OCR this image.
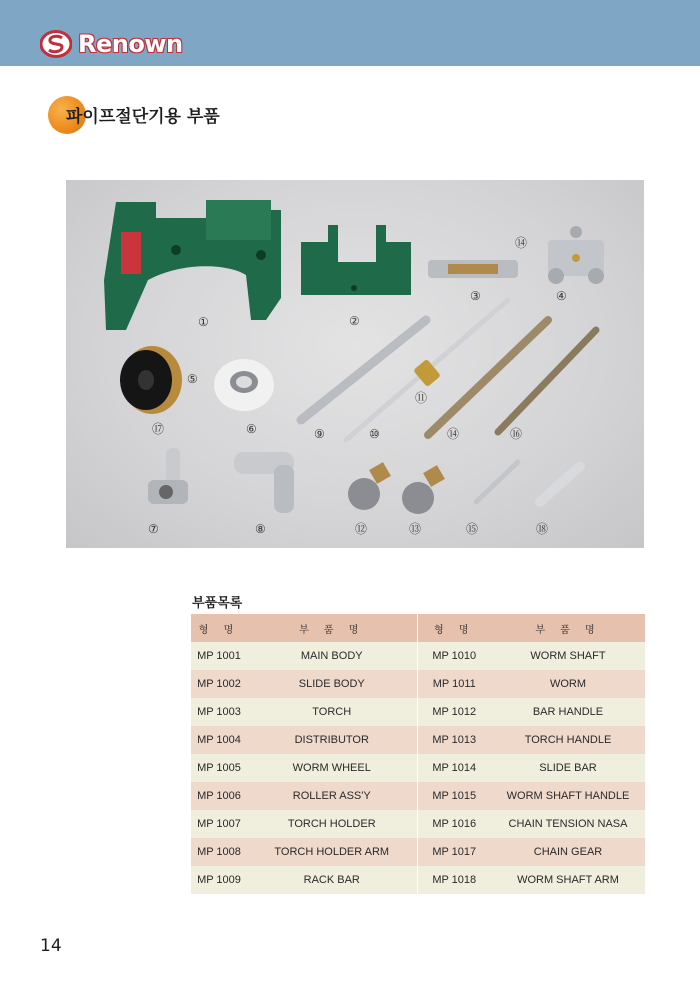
Renown
파이프절단기용 부품
①	②
③	④
⑤
⑥
⑦	⑧
⑨	⑩
⑪
⑫	⑬
⑭
⑮
⑯
⑰
⑱
⑭
부품목록
형 명	부 품 명	형 명	부 품 명
MP 1001	MAIN BODY	MP 1010	WORM SHAFT
MP 1002	SLIDE BODY	MP 1011	WORM
MP 1003	TORCH	MP 1012	BAR HANDLE
MP 1004	DISTRIBUTOR	MP 1013	TORCH HANDLE
MP 1005	WORM WHEEL	MP 1014	SLIDE BAR
MP 1006	ROLLER ASS'Y	MP 1015	WORM SHAFT HANDLE
MP 1007	TORCH HOLDER	MP 1016	CHAIN TENSION NASA
MP 1008	TORCH HOLDER ARM	MP 1017	CHAIN GEAR
MP 1009	RACK BAR	MP 1018	WORM SHAFT ARM
14
